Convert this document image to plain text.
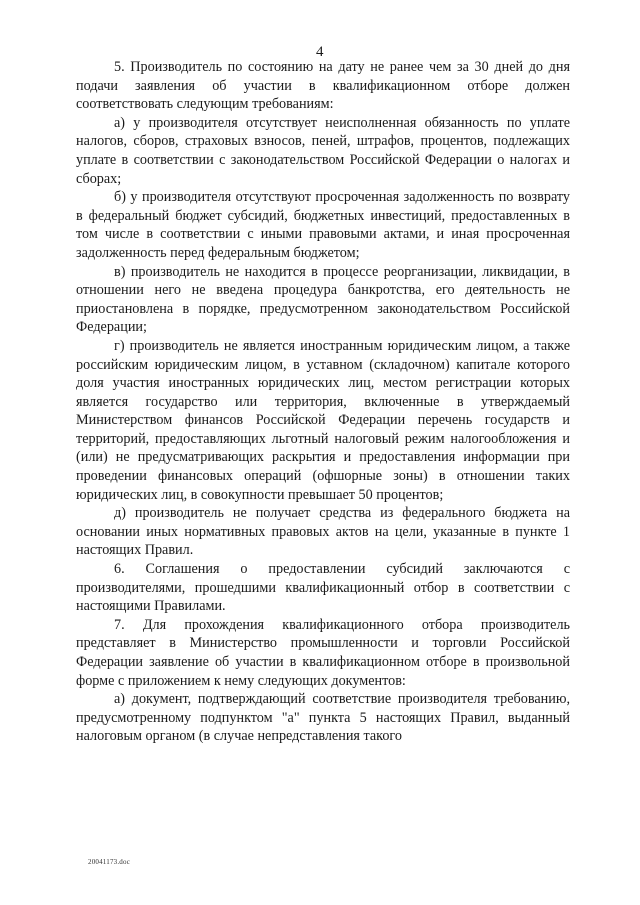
4

5. Производитель по состоянию на дату не ранее чем за 30 дней до дня подачи заявления об участии в квалификационном отборе должен соответствовать следующим требованиям:

а) у производителя отсутствует неисполненная обязанность по уплате налогов, сборов, страховых взносов, пеней, штрафов, процентов, подлежащих уплате в соответствии с законодательством Российской Федерации о налогах и сборах;

б) у производителя отсутствуют просроченная задолженность по возврату в федеральный бюджет субсидий, бюджетных инвестиций, предоставленных в том числе в соответствии с иными правовыми актами, и иная просроченная задолженность перед федеральным бюджетом;

в) производитель не находится в процессе реорганизации, ликвидации, в отношении него не введена процедура банкротства, его деятельность не приостановлена в порядке, предусмотренном законодательством Российской Федерации;

г) производитель не является иностранным юридическим лицом, а также российским юридическим лицом, в уставном (складочном) капитале которого доля участия иностранных юридических лиц, местом регистрации которых является государство или территория, включенные в утверждаемый Министерством финансов Российской Федерации перечень государств и территорий, предоставляющих льготный налоговый режим налогообложения и (или) не предусматривающих раскрытия и предоставления информации при проведении финансовых операций (офшорные зоны) в отношении таких юридических лиц, в совокупности превышает 50 процентов;

д) производитель не получает средства из федерального бюджета на основании иных нормативных правовых актов на цели, указанные в пункте 1 настоящих Правил.

6. Соглашения о предоставлении субсидий заключаются с производителями, прошедшими квалификационный отбор в соответствии с настоящими Правилами.

7. Для прохождения квалификационного отбора производитель представляет в Министерство промышленности и торговли Российской Федерации заявление об участии в квалификационном отборе в произвольной форме с приложением к нему следующих документов:

а) документ, подтверждающий соответствие производителя требованию, предусмотренному подпунктом "а" пункта 5 настоящих Правил, выданный налоговым органом (в случае непредставления такого

20041173.doc
